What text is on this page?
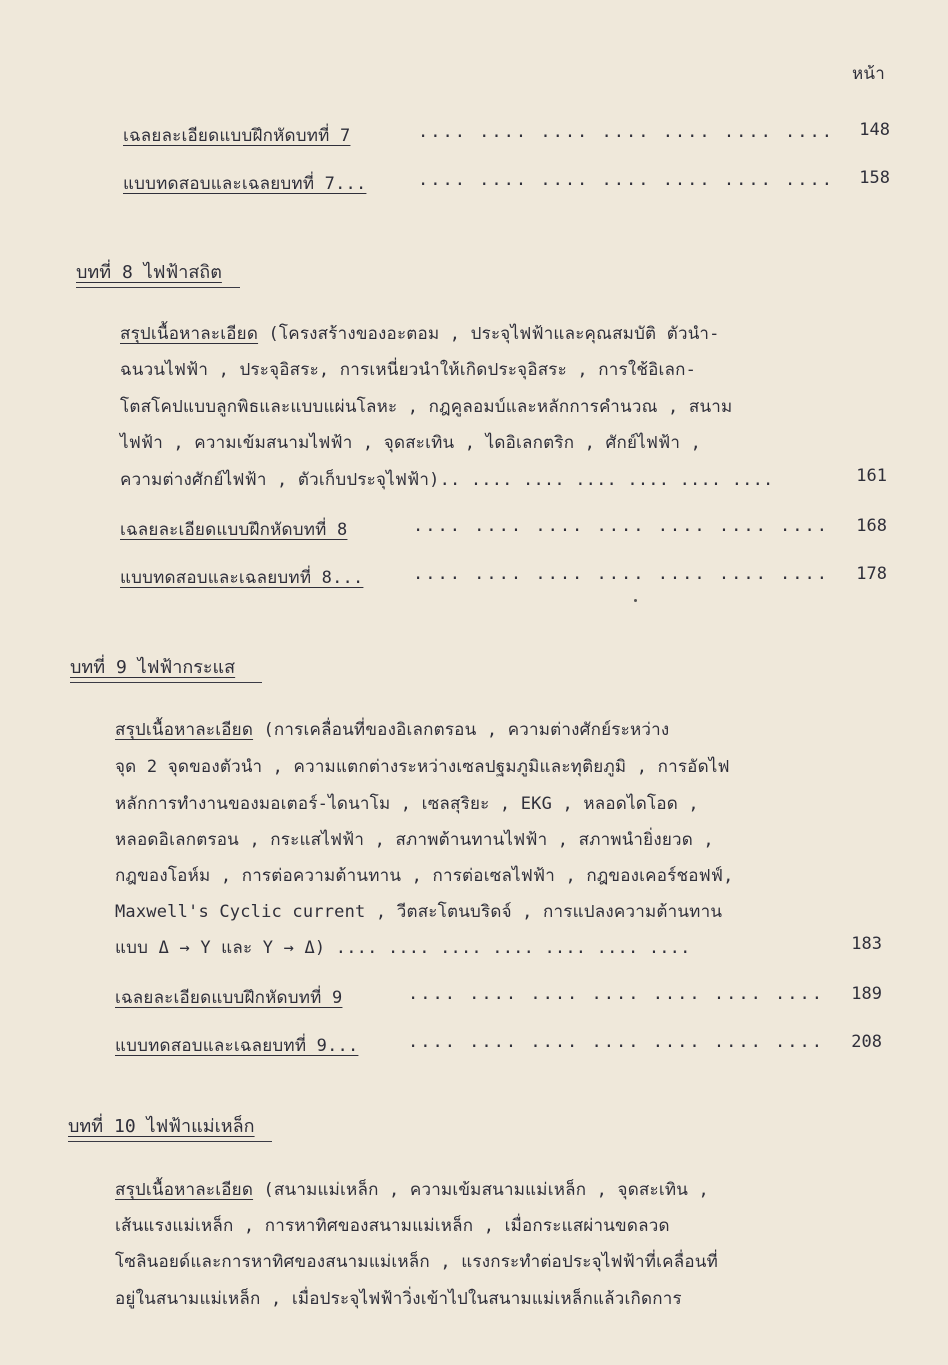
หน้า
เฉลยละเอียดแบบฝึกหัดบทที่ 7	.... .... .... .... .... .... ....	148
แบบทดสอบและเฉลยบทที่ 7...	.... .... .... .... .... .... ....	158
บทที่ 8 ไฟฟ้าสถิต
สรุปเนื้อหาละเอียด (โครงสร้างของอะตอม , ประจุไฟฟ้าและคุณสมบัติ ตัวนำ-
ฉนวนไฟฟ้า , ประจุอิสระ, การเหนี่ยวนำให้เกิดประจุอิสระ , การใช้อิเลก-
โตสโคปแบบลูกพิธและแบบแผ่นโลหะ , กฎคูลอมบ์และหลักการคำนวณ , สนาม
ไฟฟ้า , ความเข้มสนามไฟฟ้า , จุดสะเทิน , ไดอิเลกตริก , ศักย์ไฟฟ้า ,
ความต่างศักย์ไฟฟ้า , ตัวเก็บประจุไฟฟ้า).. .... .... .... .... .... ....	161
เฉลยละเอียดแบบฝึกหัดบทที่ 8	.... .... .... .... .... .... ....	168
แบบทดสอบและเฉลยบทที่ 8...	.... .... .... .... .... .... ....	178
บทที่ 9 ไฟฟ้ากระแส
สรุปเนื้อหาละเอียด (การเคลื่อนที่ของอิเลกตรอน , ความต่างศักย์ระหว่าง
จุด 2 จุดของตัวนำ , ความแตกต่างระหว่างเซลปฐมภูมิและทุติยภูมิ , การอัดไฟ
หลักการทำงานของมอเตอร์-ไดนาโม , เซลสุริยะ , EKG , หลอดไดโอด ,
หลอดอิเลกตรอน , กระแสไฟฟ้า , สภาพต้านทานไฟฟ้า , สภาพนำยิ่งยวด ,
กฎของโอห์ม , การต่อความต้านทาน , การต่อเซลไฟฟ้า , กฎของเคอร์ชอฟฟ์,
Maxwell's Cyclic current , วีตสะโตนบริดจ์ , การแปลงความต้านทาน
แบบ Δ → Y และ Y → Δ) .... .... .... .... .... .... ....	183
เฉลยละเอียดแบบฝึกหัดบทที่ 9	.... .... .... .... .... .... ....	189
แบบทดสอบและเฉลยบทที่ 9...	.... .... .... .... .... .... ....	208
บทที่ 10 ไฟฟ้าแม่เหล็ก
สรุปเนื้อหาละเอียด (สนามแม่เหล็ก , ความเข้มสนามแม่เหล็ก , จุดสะเทิน ,
เส้นแรงแม่เหล็ก , การหาทิศของสนามแม่เหล็ก , เมื่อกระแสผ่านขดลวด
โซลินอยด์และการหาทิศของสนามแม่เหล็ก , แรงกระทำต่อประจุไฟฟ้าที่เคลื่อนที่
อยู่ในสนามแม่เหล็ก , เมื่อประจุไฟฟ้าวิ่งเข้าไปในสนามแม่เหล็กแล้วเกิดการ
